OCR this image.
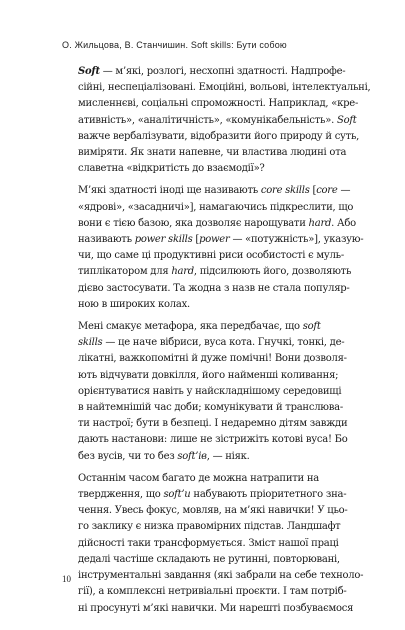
О. Жильцова, В. Станчишин. Soft skills: Бути собою

Soft — м’які, розлогі, несхопні здатності. Надпрофе-
сійні, неспеціалізовані. Емоційні, вольові, інтелектуальні,
мисленнєві, соціальні спроможності. Наприклад, «кре-
ативність», «аналітичність», «комунікабельність». Soft
важче вербалізувати, відобразити його природу й суть,
виміряти. Як знати напевне, чи властива людині ота
славетна «відкритість до взаємодії»?

М’які здатності іноді ще називають core skills [core —
«ядрові», «засадничі»], намагаючись підкреслити, що
вони є тією базою, яка дозволяє нарощувати hard. Або
називають power skills [power — «потужність»], указую-
чи, що саме ці продуктивні риси особистості є муль-
типлікатором для hard, підсилюють його, дозволяють
дієво застосувати. Та жодна з назв не стала популяр-
ною в широких колах.

Мені смакує метафора, яка передбачає, що soft
skills — це наче вібриси, вуса кота. Гнучкі, тонкі, де-
лікатні, важкопомітні й дуже помічні! Вони дозволя-
ють відчувати довкілля, його найменші коливання;
орієнтуватися навіть у найскладнішому середовищі
в найтемнішій час доби; комунікувати й транслюва-
ти настрої; бути в безпеці. І недаремно дітям завжди
дають настанови: лише не зістрижіть котові вуса! Бо
без вусів, чи то без soft’ів, — ніяк.

Останнім часом багато де можна натрапити на
твердження, що soft’и набувають пріоритетного зна-
чення. Увесь фокус, мовляв, на м’які навички! У цьо-
го заклику є низка правомірних підстав. Ландшафт
дійсності таки трансформується. Зміст нашої праці
дедалі частіше складають не рутинні, повторювані,
інструментальні завдання (які забрали на себе техноло-
гії), а комплексні нетривіальні проєкти. І там потріб-
ні просунуті м’які навички. Ми нарешті позбуваємося

10
